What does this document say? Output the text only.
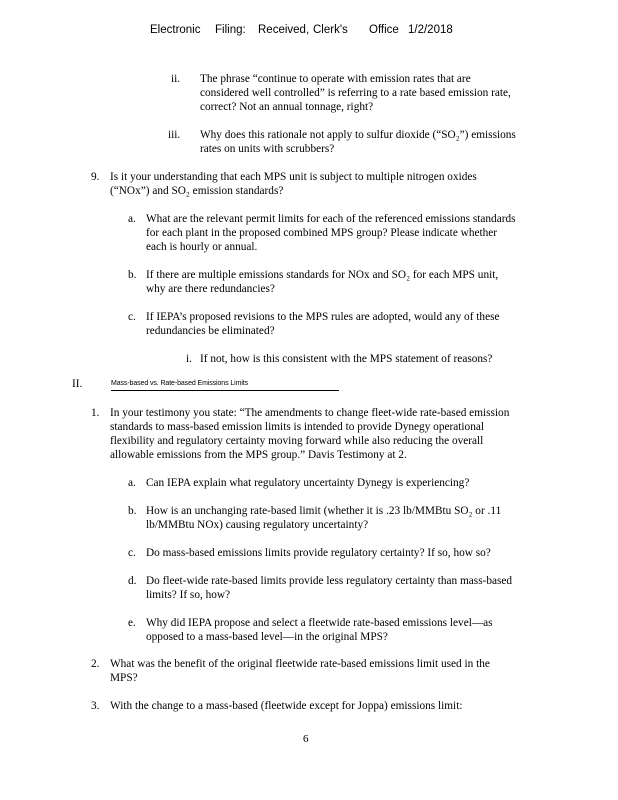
Electronic Filing: Received, Clerk's Office 1/2/2018
ii. The phrase “continue to operate with emission rates that are
considered well controlled” is referring to a rate based emission rate,
correct? Not an annual tonnage, right?
iii. Why does this rationale not apply to sulfur dioxide (“SO₂”) emissions
rates on units with scrubbers?
9. Is it your understanding that each MPS unit is subject to multiple nitrogen oxides
(“NOx”) and SO₂ emission standards?
a. What are the relevant permit limits for each of the referenced emissions standards
for each plant in the proposed combined MPS group? Please indicate whether
each is hourly or annual.
b. If there are multiple emissions standards for NOx and SO₂ for each MPS unit,
why are there redundancies?
c. If IEPA’s proposed revisions to the MPS rules are adopted, would any of these
redundancies be eliminated?
i. If not, how is this consistent with the MPS statement of reasons?
II.	Mass-based vs. Rate-based Emissions Limits
1. In your testimony you state: “The amendments to change fleet-wide rate-based emission
standards to mass-based emission limits is intended to provide Dynegy operational
flexibility and regulatory certainty moving forward while also reducing the overall
allowable emissions from the MPS group.” Davis Testimony at 2.
a. Can IEPA explain what regulatory uncertainty Dynegy is experiencing?
b. How is an unchanging rate-based limit (whether it is .23 lb/MMBtu SO₂ or .11
lb/MMBtu NOx) causing regulatory uncertainty?
c. Do mass-based emissions limits provide regulatory certainty? If so, how so?
d. Do fleet-wide rate-based limits provide less regulatory certainty than mass-based
limits? If so, how?
e. Why did IEPA propose and select a fleetwide rate-based emissions level—as
opposed to a mass-based level—in the original MPS?
2. What was the benefit of the original fleetwide rate-based emissions limit used in the
MPS?
3. With the change to a mass-based (fleetwide except for Joppa) emissions limit:
6
